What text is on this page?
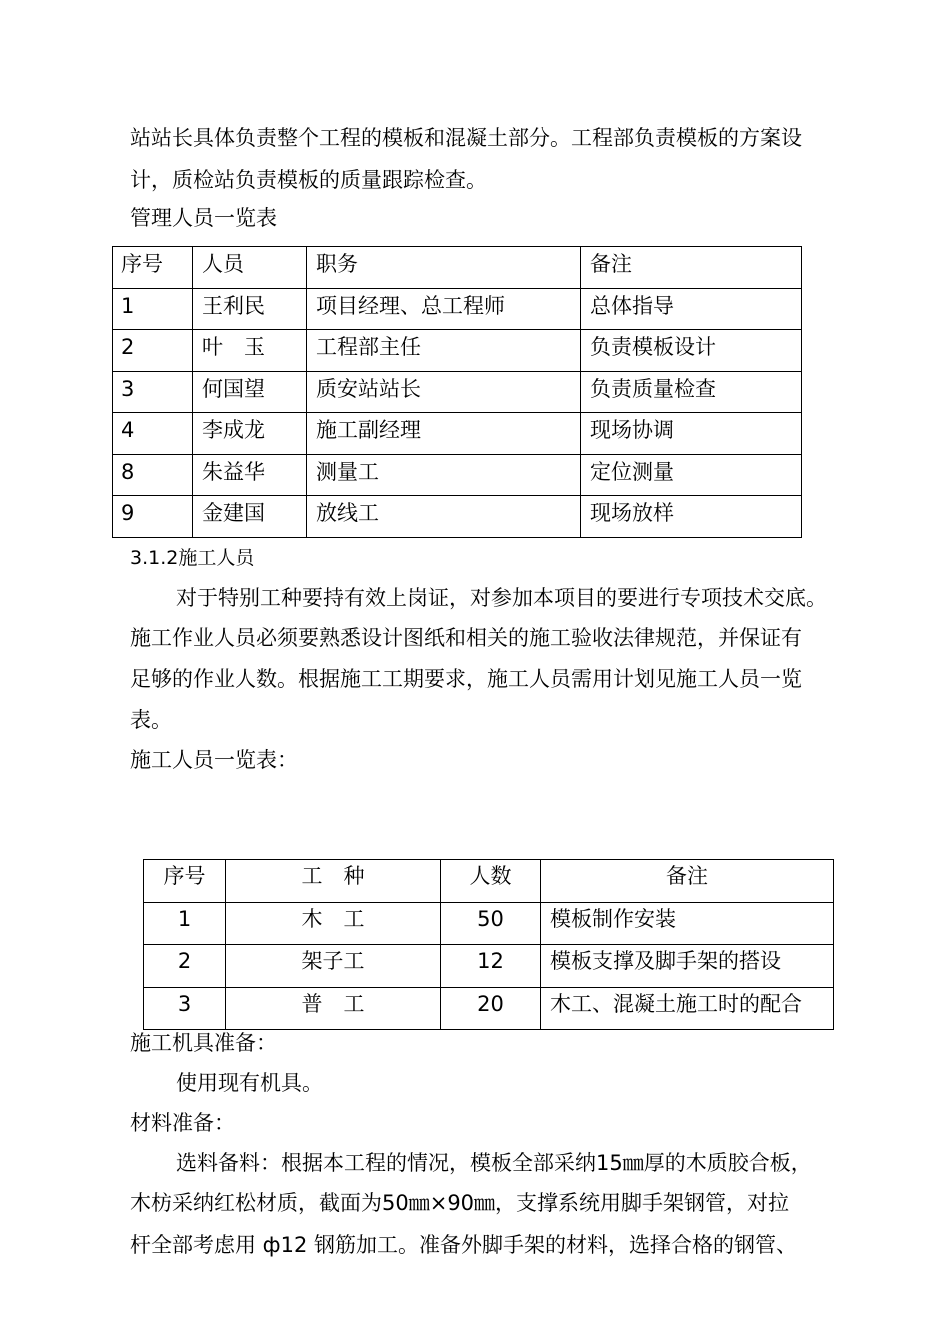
站站长具体负责整个工程的模板和混凝土部分。工程部负责模板的方案设
计，质检站负责模板的质量跟踪检查。
管理人员一览表
序号	人员	职务	备注
1	王利民	项目经理、总工程师	总体指导
2	叶　玉	工程部主任	负责模板设计
3	何国望	质安站站长	负责质量检查
4	李成龙	施工副经理	现场协调
8	朱益华	测量工	定位测量
9	金建国	放线工	现场放样
3.1.2施工人员
对于特别工种要持有效上岗证，对参加本项目的要进行专项技术交底。
施工作业人员必须要熟悉设计图纸和相关的施工验收法律规范，并保证有
足够的作业人数。根据施工工期要求，施工人员需用计划见施工人员一览
表。
施工人员一览表：
序号	工　种	人数	备注
1	木　工	50	模板制作安装
2	架子工	12	模板支撑及脚手架的搭设
3	普　工	20	木工、混凝土施工时的配合
施工机具准备：
使用现有机具。
材料准备：
选料备料：根据本工程的情况，模板全部采纳15㎜厚的木质胶合板，
木枋采纳红松材质，截面为50㎜×90㎜，支撑系统用脚手架钢管，对拉
杆全部考虑用 ф12 钢筋加工。准备外脚手架的材料，选择合格的钢管、
